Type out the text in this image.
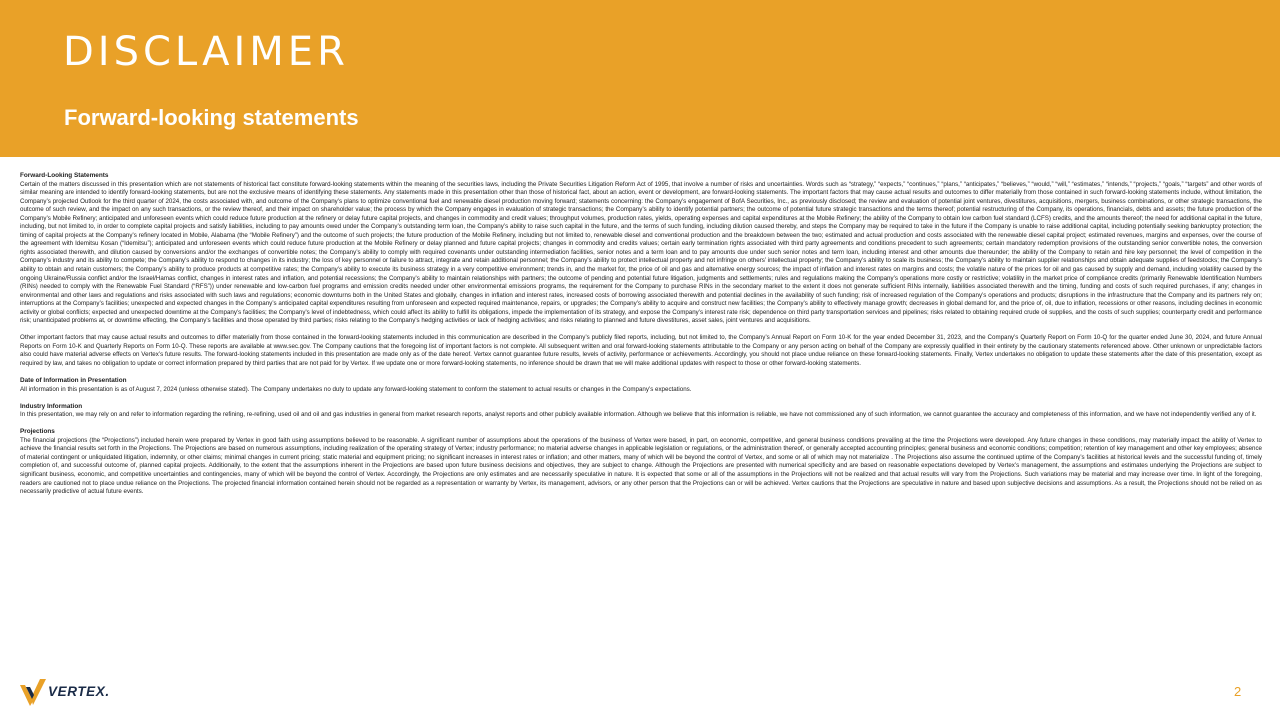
DISCLAIMER
Forward-looking statements
Forward-Looking Statements

Certain of the matters discussed in this presentation which are not statements of historical fact constitute forward-looking statements within the meaning of the securities laws, including the Private Securities Litigation Reform Act of 1995, that involve a number of risks and uncertainties. Words such as “strategy,” “expects,” “continues,” “plans,” “anticipates,” “believes,” “would,” “will,” “estimates,” “intends,” “projects,” “goals,” “targets” and other words of similar meaning are intended to identify forward-looking statements, but are not the exclusive means of identifying these statements. Any statements made in this presentation other than those of historical fact, about an action, event or development, are forward-looking statements. The important factors that may cause actual results and outcomes to differ materially from those contained in such forward-looking statements include, without limitation, the Company’s projected Outlook for the third quarter of 2024, the costs associated with, and outcome of the Company’s plans to optimize conventional fuel and renewable diesel production moving forward; statements concerning: the Company’s engagement of BofA Securities, Inc., as previously disclosed; the review and evaluation of potential joint ventures, divestitures, acquisitions, mergers, business combinations, or other strategic transactions, the outcome of such review, and the impact on any such transactions, or the review thereof, and their impact on shareholder value; the process by which the Company engages in evaluation of strategic transactions; the Company’s ability to identify potential partners; the outcome of potential future strategic transactions and the terms thereof; potential restructuring of the Company, its operations, financials, debts and assets; the future production of the Company’s Mobile Refinery; anticipated and unforeseen events which could reduce future production at the refinery or delay future capital projects, and changes in commodity and credit values; throughput volumes, production rates, yields, operating expenses and capital expenditures at the Mobile Refinery; the ability of the Company to obtain low carbon fuel standard (LCFS) credits, and the amounts thereof; the need for additional capital in the future, including, but not limited to, in order to complete capital projects and satisfy liabilities, including to pay amounts owed under the Company’s outstanding term loan, the Company’s ability to raise such capital in the future, and the terms of such funding, including dilution caused thereby, and steps the Company may be required to take in the future if the Company is unable to raise additional capital, including potentially seeking bankruptcy protection; the timing of capital projects at the Company’s refinery located in Mobile, Alabama (the “Mobile Refinery”) and the outcome of such projects; the future production of the Mobile Refinery, including but not limited to, renewable diesel and conventional production and the breakdown between the two; estimated and actual production and costs associated with the renewable diesel capital project; estimated revenues, margins and expenses, over the course of the agreement with Idemitsu Kosan (“Idemitsu”); anticipated and unforeseen events which could reduce future production at the Mobile Refinery or delay planned and future capital projects; changes in commodity and credits values; certain early termination rights associated with third party agreements and conditions precedent to such agreements; certain mandatory redemption provisions of the outstanding senior convertible notes, the conversion rights associated therewith, and dilution caused by conversions and/or the exchanges of convertible notes; the Company’s ability to comply with required covenants under outstanding intermediation facilities, senior notes and a term loan and to pay amounts due under such senior notes and term loan, including interest and other amounts due thereunder; the ability of the Company to retain and hire key personnel; the level of competition in the Company’s industry and its ability to compete; the Company’s ability to respond to changes in its industry; the loss of key personnel or failure to attract, integrate and retain additional personnel; the Company’s ability to protect intellectual property and not infringe on others’ intellectual property; the Company’s ability to scale its business; the Company’s ability to maintain supplier relationships and obtain adequate supplies of feedstocks; the Company’s ability to obtain and retain customers; the Company’s ability to produce products at competitive rates; the Company’s ability to execute its business strategy in a very competitive environment; trends in, and the market for, the price of oil and gas and alternative energy sources; the impact of inflation and interest rates on margins and costs; the volatile nature of the prices for oil and gas caused by supply and demand, including volatility caused by the ongoing Ukraine/Russia conflict and/or the Israel/Hamas conflict, changes in interest rates and inflation, and potential recessions; the Company’s ability to maintain relationships with partners; the outcome of pending and potential future litigation, judgments and settlements; rules and regulations making the Company’s operations more costly or restrictive; volatility in the market price of compliance credits (primarily Renewable Identification Numbers (RINs) needed to comply with the Renewable Fuel Standard (“RFS”)) under renewable and low-carbon fuel programs and emission credits needed under other environmental emissions programs, the requirement for the Company to purchase RINs in the secondary market to the extent it does not generate sufficient RINs internally, liabilities associated therewith and the timing, funding and costs of such required purchases, if any; changes in environmental and other laws and regulations and risks associated with such laws and regulations; economic downturns both in the United States and globally, changes in inflation and interest rates, increased costs of borrowing associated therewith and potential declines in the availability of such funding; risk of increased regulation of the Company’s operations and products; disruptions in the infrastructure that the Company and its partners rely on; interruptions at the Company’s facilities; unexpected and expected changes in the Company’s anticipated capital expenditures resulting from unforeseen and expected required maintenance, repairs, or upgrades; the Company’s ability to acquire and construct new facilities; the Company’s ability to effectively manage growth; decreases in global demand for, and the price of, oil, due to inflation, recessions or other reasons, including declines in economic activity or global conflicts; expected and unexpected downtime at the Company’s facilities; the Company’s level of indebtedness, which could affect its ability to fulfill its obligations, impede the implementation of its strategy, and expose the Company’s interest rate risk; dependence on third party transportation services and pipelines; risks related to obtaining required crude oil supplies, and the costs of such supplies; counterparty credit and performance risk; unanticipated problems at, or downtime effecting, the Company’s facilities and those operated by third parties; risks relating to the Company’s hedging activities or lack of hedging activities; and risks relating to planned and future divestitures, asset sales, joint ventures and acquisitions.

Other important factors that may cause actual results and outcomes to differ materially from those contained in the forward-looking statements included in this communication are described in the Company’s publicly filed reports, including, but not limited to, the Company’s Annual Report on Form 10-K for the year ended December 31, 2023, and the Company’s Quarterly Report on Form 10-Q for the quarter ended June 30, 2024, and future Annual Reports on Form 10-K and Quarterly Reports on Form 10-Q. These reports are available at www.sec.gov. The Company cautions that the foregoing list of important factors is not complete. All subsequent written and oral forward-looking statements attributable to the Company or any person acting on behalf of the Company are expressly qualified in their entirety by the cautionary statements referenced above. Other unknown or unpredictable factors also could have material adverse effects on Vertex’s future results. The forward-looking statements included in this presentation are made only as of the date hereof. Vertex cannot guarantee future results, levels of activity, performance or achievements. Accordingly, you should not place undue reliance on these forward-looking statements. Finally, Vertex undertakes no obligation to update these statements after the date of this presentation, except as required by law, and takes no obligation to update or correct information prepared by third parties that are not paid for by Vertex. If we update one or more forward-looking statements, no inference should be drawn that we will make additional updates with respect to those or other forward-looking statements.

Date of Information in Presentation

All information in this presentation is as of August 7, 2024 (unless otherwise stated). The Company undertakes no duty to update any forward-looking statement to conform the statement to actual results or changes in the Company’s expectations.

Industry Information

In this presentation, we may rely on and refer to information regarding the refining, re-refining, used oil and oil and gas industries in general from market research reports, analyst reports and other publicly available information. Although we believe that this information is reliable, we have not commissioned any of such information, we cannot guarantee the accuracy and completeness of this information, and we have not independently verified any of it.

Projections

The financial projections (the “Projections”) included herein were prepared by Vertex in good faith using assumptions believed to be reasonable. A significant number of assumptions about the operations of the business of Vertex were based, in part, on economic, competitive, and general business conditions prevailing at the time the Projections were developed. Any future changes in these conditions, may materially impact the ability of Vertex to achieve the financial results set forth in the Projections. The Projections are based on numerous assumptions, including realization of the operating strategy of Vertex; industry performance; no material adverse changes in applicable legislation or regulations, or the administration thereof, or generally accepted accounting principles; general business and economic conditions; competition; retention of key management and other key employees; absence of material contingent or unliquidated litigation, indemnity, or other claims; minimal changes in current pricing; static material and equipment pricing; no significant increases in interest rates or inflation; and other matters, many of which will be beyond the control of Vertex, and some or all of which may not materialize . The Projections also assume the continued uptime of the Company’s facilities at historical levels and the successful funding of, timely completion of, and successful outcome of, planned capital projects. Additionally, to the extent that the assumptions inherent in the Projections are based upon future business decisions and objectives, they are subject to change. Although the Projections are presented with numerical specificity and are based on reasonable expectations developed by Vertex’s management, the assumptions and estimates underlying the Projections are subject to significant business, economic, and competitive uncertainties and contingencies, many of which will be beyond the control of Vertex. Accordingly, the Projections are only estimates and are necessarily speculative in nature. It is expected that some or all of the assumptions in the Projections will not be realized and that actual results will vary from the Projections. Such variations may be material and may increase over time. In light of the foregoing, readers are cautioned not to place undue reliance on the Projections. The projected financial information contained herein should not be regarded as a representation or warranty by Vertex, its management, advisors, or any other person that the Projections can or will be achieved. Vertex cautions that the Projections are speculative in nature and based upon subjective decisions and assumptions. As a result, the Projections should not be relied on as necessarily predictive of actual future events.

VERTEX.	2
